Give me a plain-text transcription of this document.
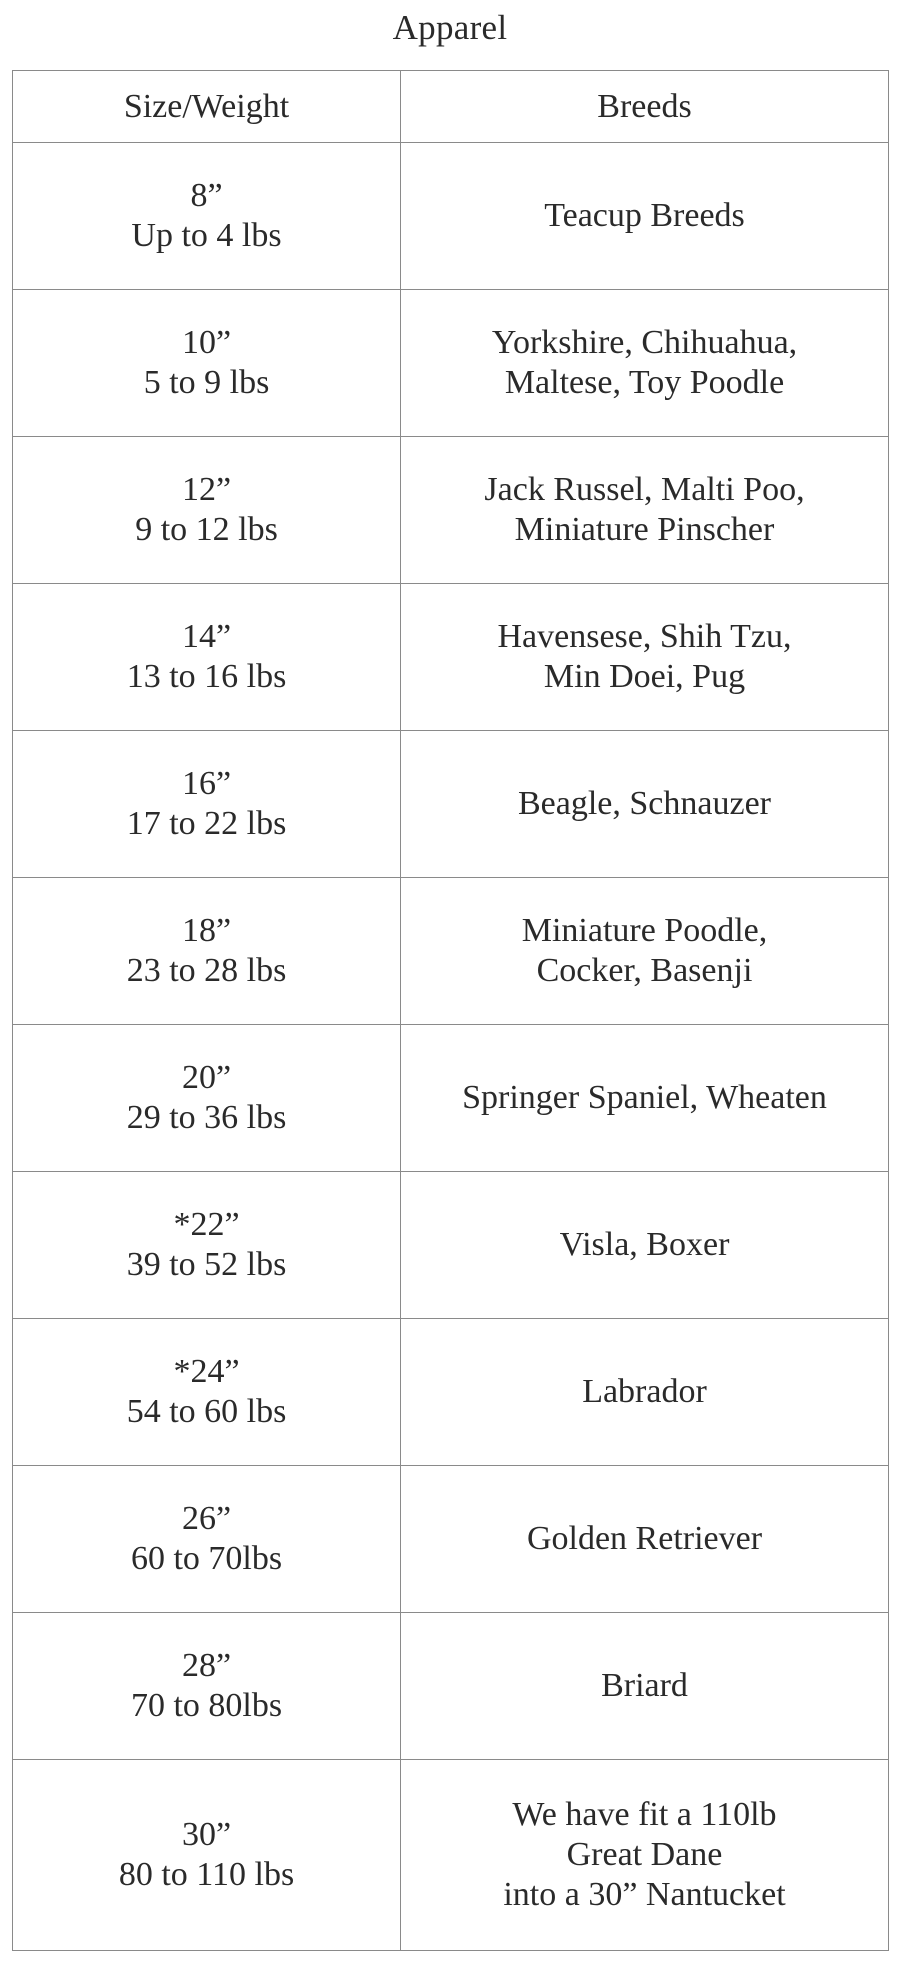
Apparel
Size/Weight	Breeds

8”
Up to 4 lbs	Teacup Breeds

10”
5 to 9 lbs	Yorkshire, Chihuahua,
Maltese, Toy Poodle

12”
9 to 12 lbs	Jack Russel, Malti Poo,
Miniature Pinscher

14”
13 to 16 lbs	Havensese, Shih Tzu,
Min Doei, Pug

16”
17 to 22 lbs	Beagle, Schnauzer

18”
23 to 28 lbs	Miniature Poodle,
Cocker, Basenji

20”
29 to 36 lbs	Springer Spaniel, Wheaten

*22”
39 to 52 lbs	Visla, Boxer

*24”
54 to 60 lbs	Labrador

26”
60 to 70lbs	Golden Retriever

28”
70 to 80lbs	Briard

30”
80 to 110 lbs	We have fit a 110lb
Great Dane
into a 30” Nantucket
